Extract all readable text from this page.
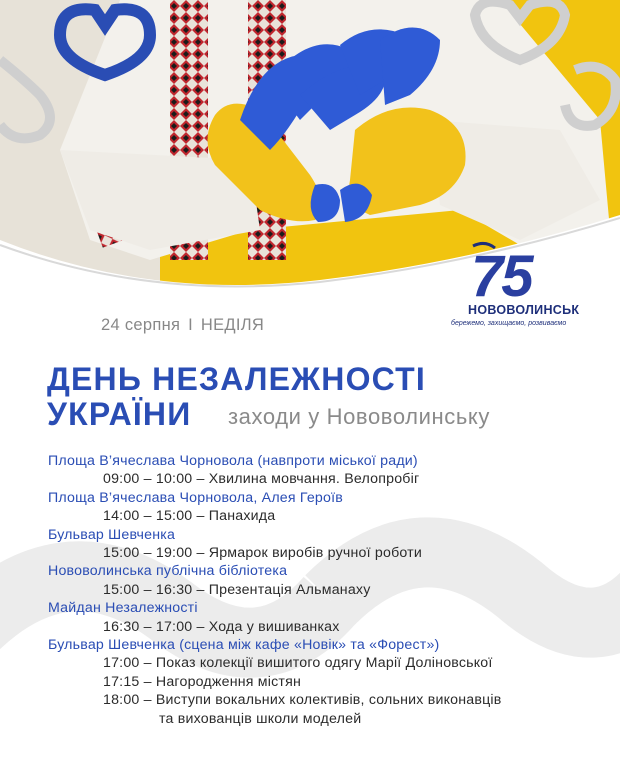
75
НОВОВОЛИНСЬК
бережемо, захищаємо, розвиваємо
24 серпня І НЕДІЛЯ
ДЕНЬ НЕЗАЛЕЖНОСТІ
УКРАЇНИ заходи у Нововолинську
Площа В’ячеслава Чорновола (навпроти міської ради)
09:00 – 10:00 – Хвилина мовчання. Велопробіг
Площа В’ячеслава Чорновола, Алея Героїв
14:00 – 15:00 – Панахида
Бульвар Шевченка
15:00 – 19:00 – Ярмарок виробів ручної роботи
Нововолинська публічна бібліотека
15:00 – 16:30 – Презентація Альманаху
Майдан Незалежності
16:30 – 17:00 – Хода у вишиванках
Бульвар Шевченка (сцена між кафе «Новік» та «Форест»)
17:00 – Показ колекції вишитого одягу Марії Доліновської
17:15 – Нагородження містян
18:00 – Виступи вокальних колективів, сольних виконавців
та вихованців школи моделей
